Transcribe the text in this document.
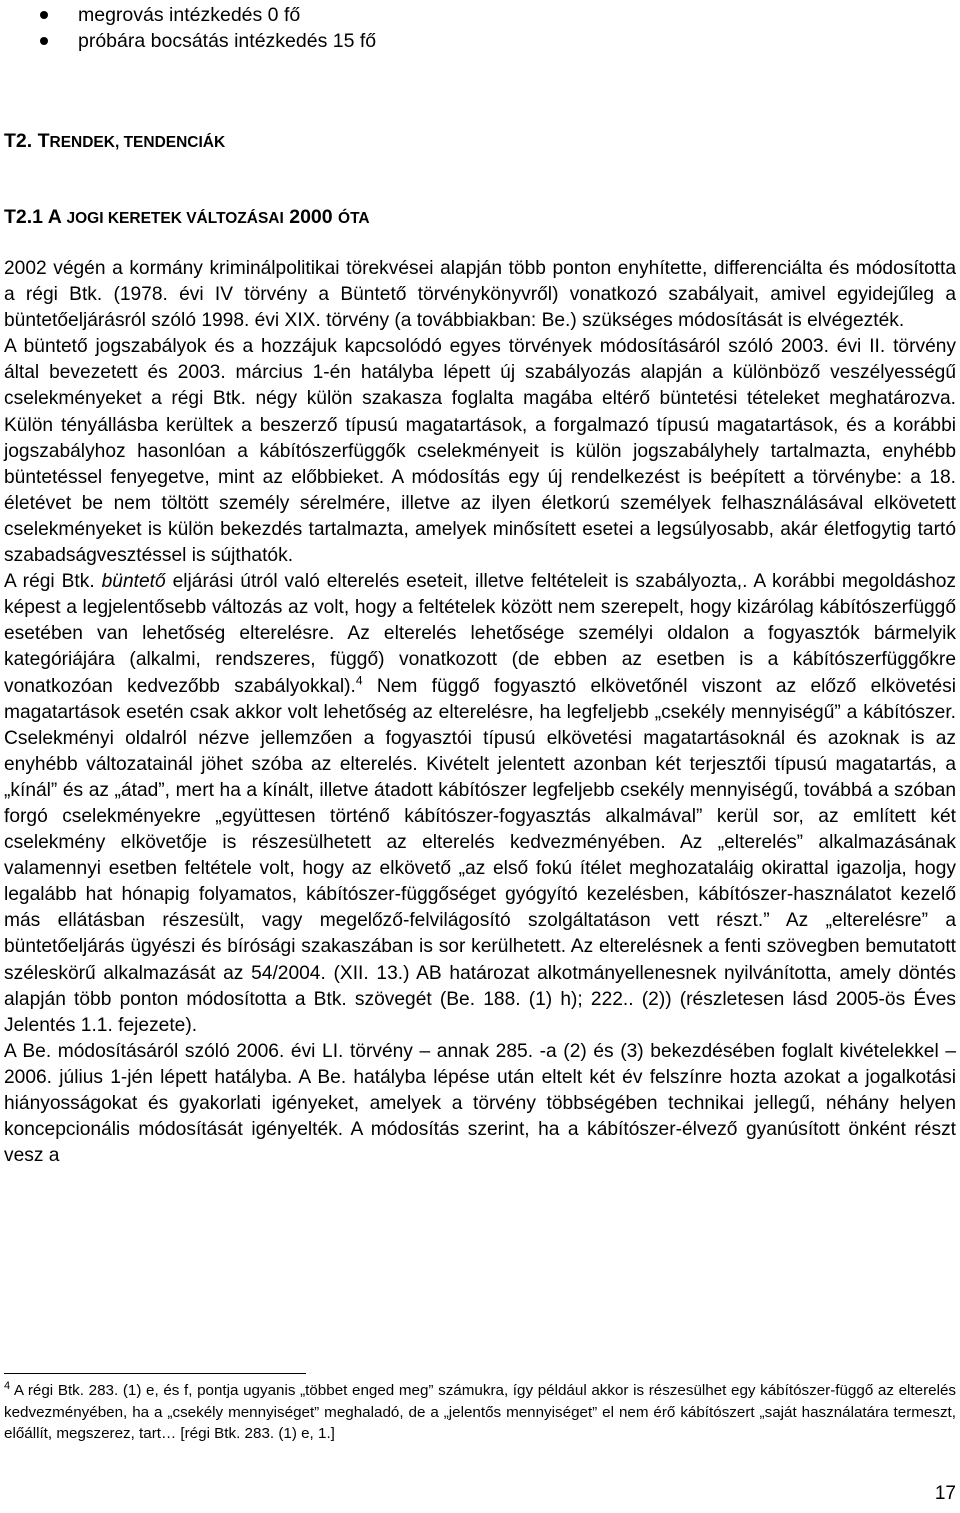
megrovás intézkedés 0 fő
próbára bocsátás intézkedés 15 fő
T2. TRENDEK, TENDENCIÁK
T2.1 A JOGI KERETEK VÁLTOZÁSAI 2000 ÓTA

2002 végén a kormány kriminálpolitikai törekvései alapján több ponton enyhítette, differenciálta és módosította a régi Btk. (1978. évi IV törvény a Büntető törvénykönyvről) vonatkozó szabályait, amivel egyidejűleg a büntetőeljárásról szóló 1998. évi XIX. törvény (a továbbiakban: Be.) szükséges módosítását is elvégezték.

A büntető jogszabályok és a hozzájuk kapcsolódó egyes törvények módosításáról szóló 2003. évi II. törvény által bevezetett és 2003. március 1-én hatályba lépett új szabályozás alapján a különböző veszélyességű cselekményeket a régi Btk. négy külön szakasza foglalta magába eltérő büntetési tételeket meghatározva. Külön tényállásba kerültek a beszerző típusú magatartások, a forgalmazó típusú magatartások, és a korábbi jogszabályhoz hasonlóan a kábítószerfüggők cselekményeit is külön jogszabályhely tartalmazta, enyhébb büntetéssel fenyegetve, mint az előbbieket. A módosítás egy új rendelkezést is beépített a törvénybe: a 18. életévet be nem töltött személy sérelmére, illetve az ilyen életkorú személyek felhasználásával elkövetett cselekményeket is külön bekezdés tartalmazta, amelyek minősített esetei a legsúlyosabb, akár életfogytig tartó szabadságvesztéssel is sújthatók.

A régi Btk. büntető eljárási útról való elterelés eseteit, illetve feltételeit is szabályozta,. A korábbi megoldáshoz képest a legjelentősebb változás az volt, hogy a feltételek között nem szerepelt, hogy kizárólag kábítószerfüggő esetében van lehetőség elterelésre. Az elterelés lehetősége személyi oldalon a fogyasztók bármelyik kategóriájára (alkalmi, rendszeres, függő) vonatkozott (de ebben az esetben is a kábítószerfüggőkre vonatkozóan kedvezőbb szabályokkal).$^4$ Nem függő fogyasztó elkövetőnél viszont az előző elkövetési magatartások esetén csak akkor volt lehetőség az elterelésre, ha legfeljebb „csekély mennyiségű” a kábítószer. Cselekményi oldalról nézve jellemzően a fogyasztói típusú elkövetési magatartásoknál és azoknak is az enyhébb változatainál jöhet szóba az elterelés. Kivételt jelentett azonban két terjesztői típusú magatartás, a „kínál” és az „átad”, mert ha a kínált, illetve átadott kábítószer legfeljebb csekély mennyiségű, továbbá a szóban forgó cselekményekre „együttesen történő kábítószer-fogyasztás alkalmával” kerül sor, az említett két cselekmény elkövetője is részesülhetett az elterelés kedvezményében. Az „elterelés” alkalmazásának valamennyi esetben feltétele volt, hogy az elkövető „az első fokú ítélet meghozataláig okirattal igazolja, hogy legalább hat hónapig folyamatos, kábítószer-függőséget gyógyító kezelésben, kábítószer-használatot kezelő más ellátásban részesült, vagy megelőző-felvilágosító szolgáltatáson vett részt.” Az „elterelésre” a büntetőeljárás ügyészi és bírósági szakaszában is sor kerülhetett. Az elterelésnek a fenti szövegben bemutatott széleskörű alkalmazását az 54/2004. (XII. 13.) AB határozat alkotmányellenesnek nyilvánította, amely döntés alapján több ponton módosította a Btk. szövegét (Be. 188. (1) h); 222.. (2)) (részletesen lásd 2005-ös Éves Jelentés 1.1. fejezete).

A Be. módosításáról szóló 2006. évi LI. törvény – annak 285. -a (2) és (3) bekezdésében foglalt kivételekkel – 2006. július 1-jén lépett hatályba. A Be. hatályba lépése után eltelt két év felszínre hozta azokat a jogalkotási hiányosságokat és gyakorlati igényeket, amelyek a törvény többségében technikai jellegű, néhány helyen koncepcionális módosítását igényelték. A módosítás szerint, ha a kábítószer-élvező gyanúsított önként részt vesz a

$^4$ A régi Btk. 283. (1) e, és f, pontja ugyanis „többet enged meg” számukra, így például akkor is részesülhet egy kábítószer-függő az elterelés kedvezményében, ha a „csekély mennyiséget” meghaladó, de a „jelentős mennyiséget” el nem érő kábítószert „saját használatára termeszt, előállít, megszerez, tart… [régi Btk. 283. (1) e, 1.]
17
